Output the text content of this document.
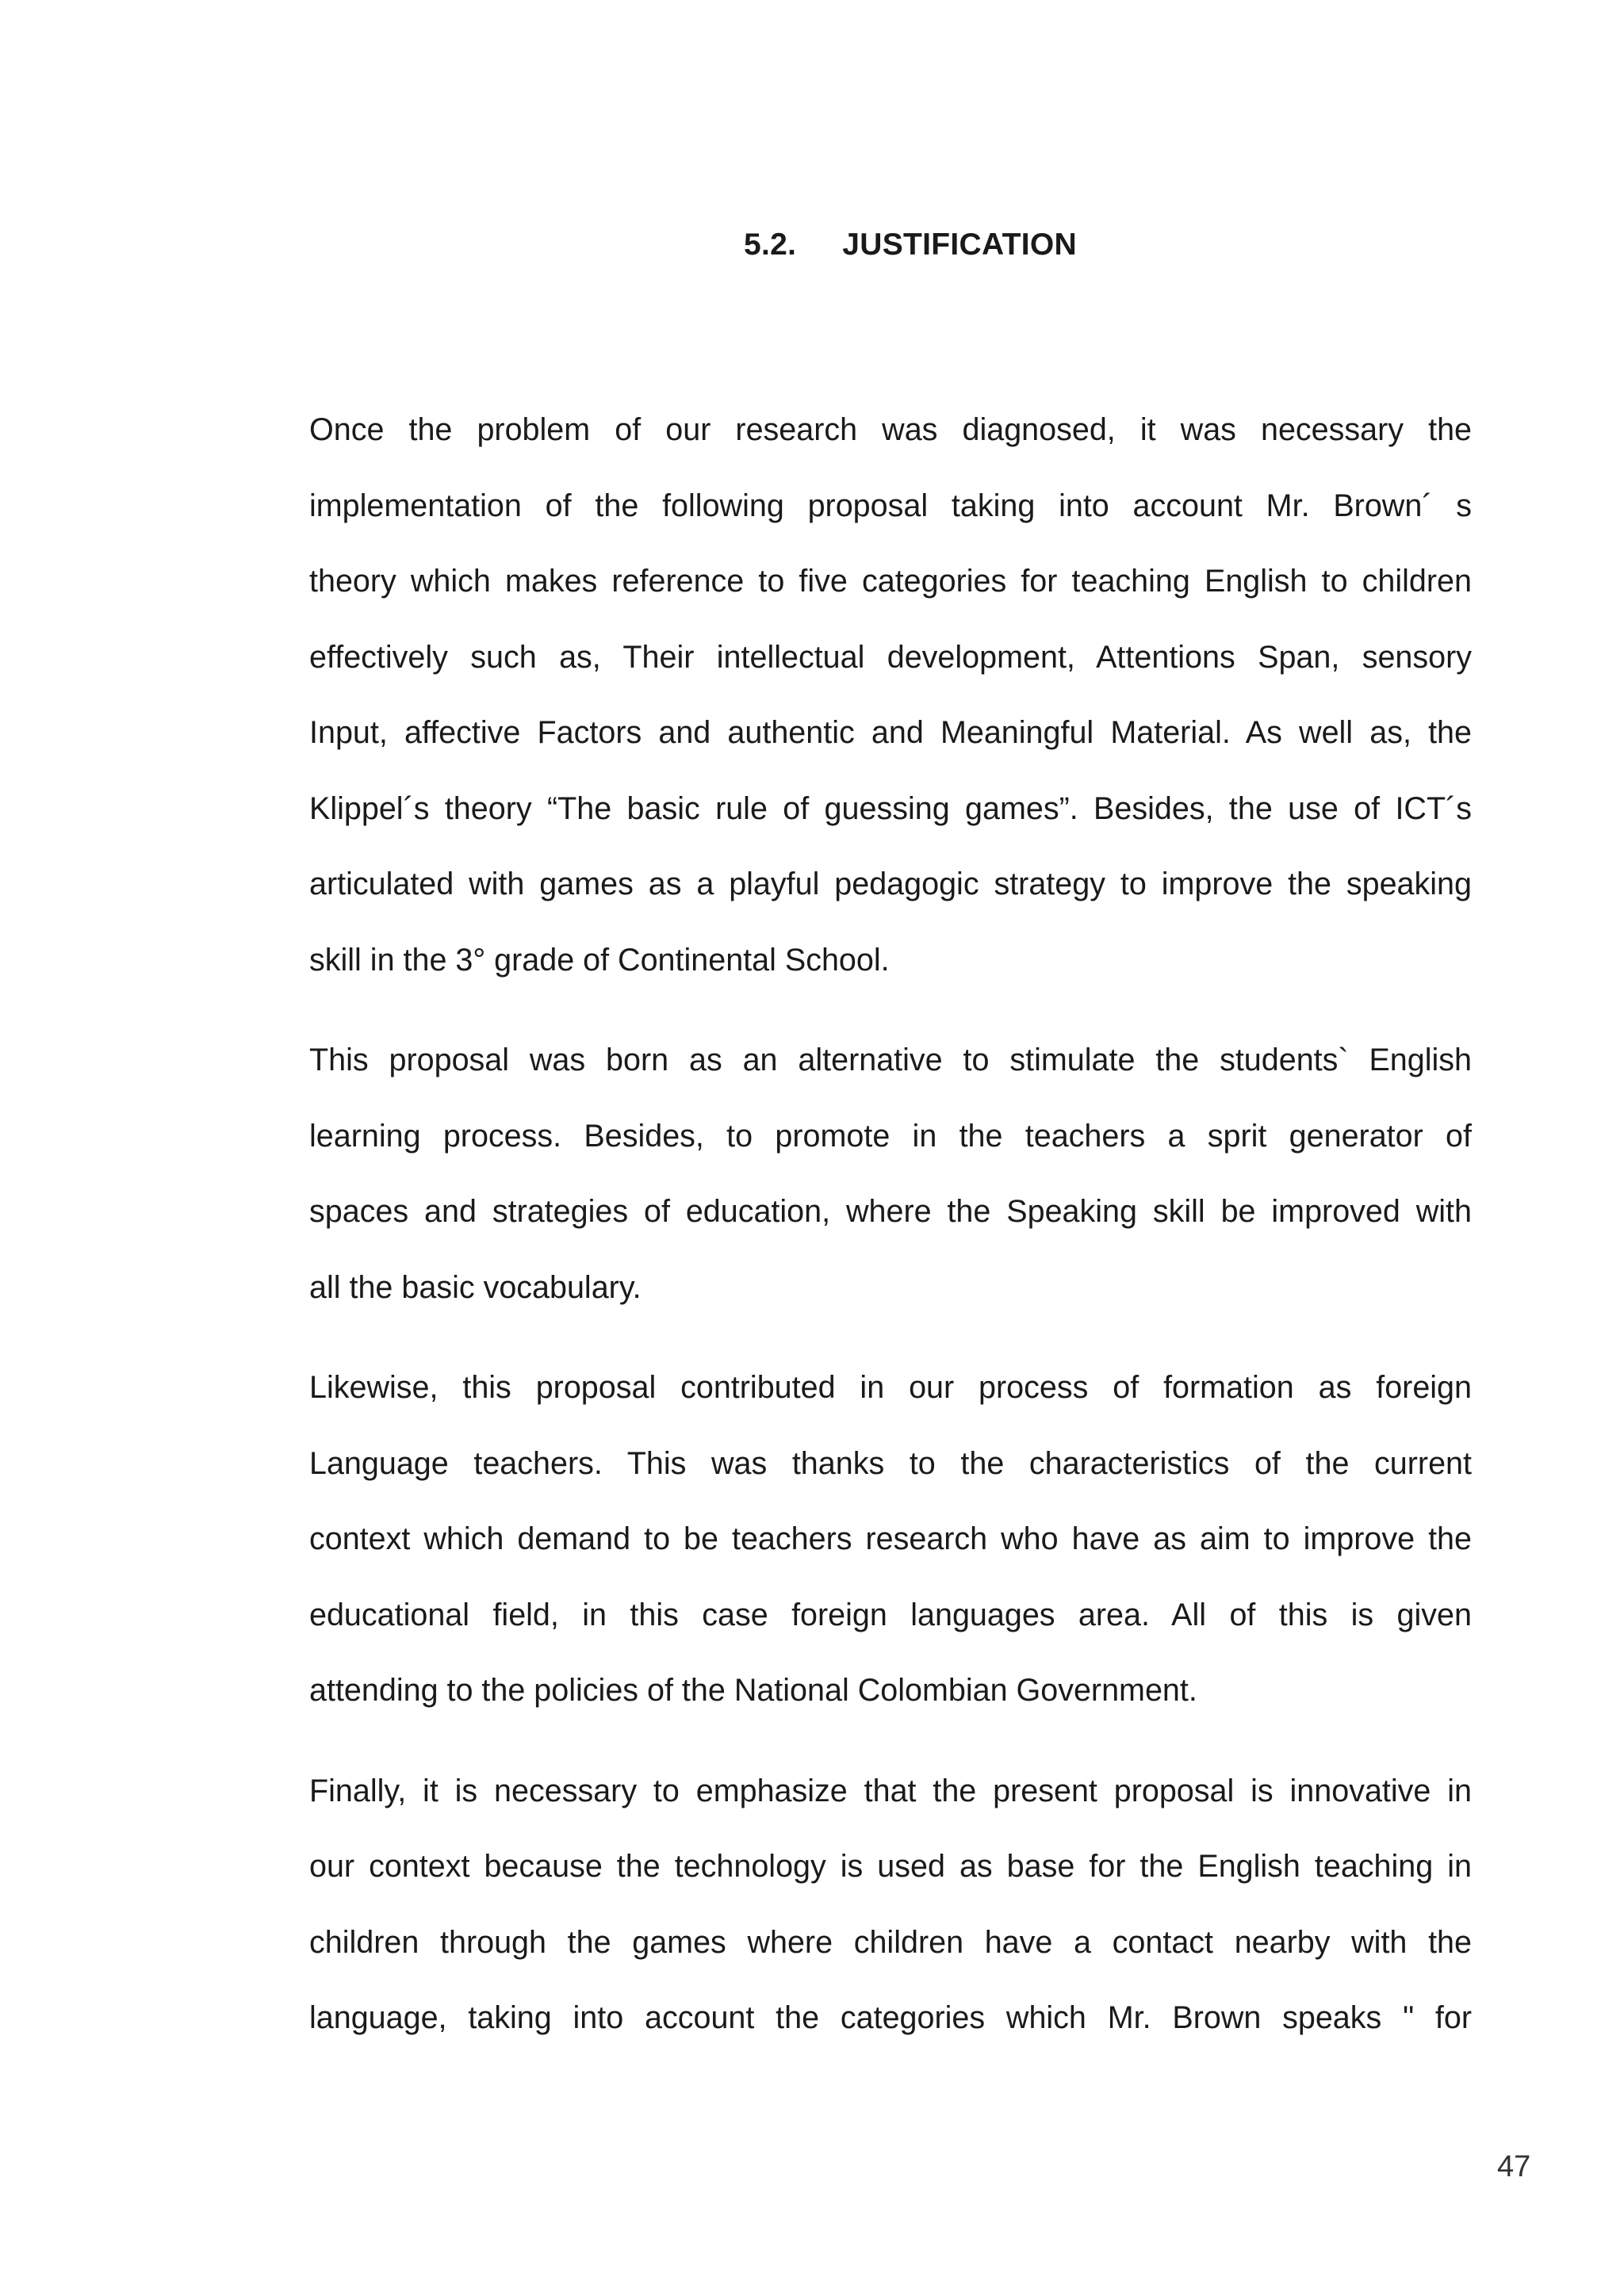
5.2. JUSTIFICATION
Once the problem of our research was diagnosed, it was necessary the
implementation of the following proposal taking into account Mr. Brown´ s
theory which makes reference to five categories for teaching English to children
effectively such as, Their intellectual development, Attentions Span, sensory
Input, affective Factors and authentic and Meaningful Material. As well as, the
Klippel´s theory “The basic rule of guessing games”. Besides, the use of ICT´s
articulated with games as a playful pedagogic strategy to improve the speaking
skill in the 3° grade of Continental School.
This proposal was born as an alternative to stimulate the students` English
learning process. Besides, to promote in the teachers a sprit generator of
spaces and strategies of education, where the Speaking skill be improved with
all the basic vocabulary.
Likewise, this proposal contributed in our process of formation as foreign
Language teachers. This was thanks to the characteristics of the current
context which demand to be teachers research who have as aim to improve the
educational field, in this case foreign languages area. All of this is given
attending to the policies of the National Colombian Government.
Finally, it is necessary to emphasize that the present proposal is innovative in
our context because the technology is used as base for the English teaching in
children through the games where children have a contact nearby with the
language, taking into account the categories which Mr. Brown speaks " for
47
